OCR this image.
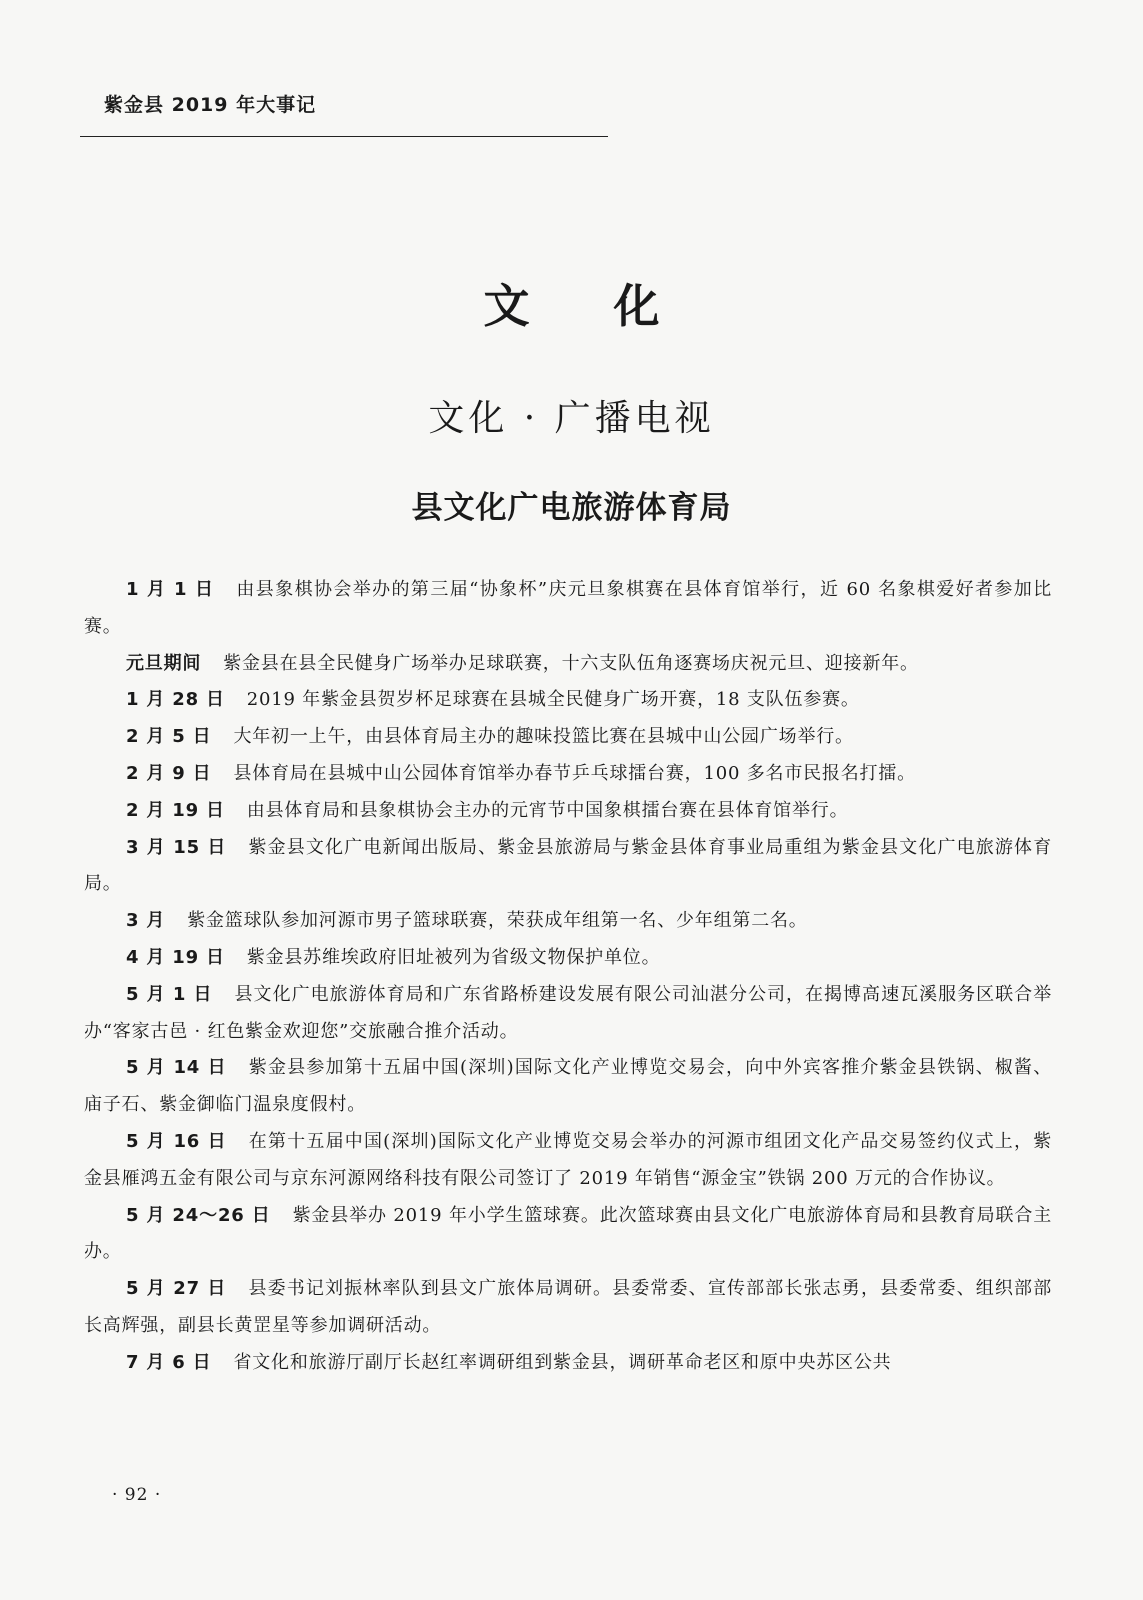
紫金县 2019 年大事记
文化
文化 · 广播电视
县文化广电旅游体育局

1 月 1 日 由县象棋协会举办的第三届“协象杯”庆元旦象棋赛在县体育馆举行，近 60 名象棋爱好者参加比赛。

元旦期间 紫金县在县全民健身广场举办足球联赛，十六支队伍角逐赛场庆祝元旦、迎接新年。

1 月 28 日 2019 年紫金县贺岁杯足球赛在县城全民健身广场开赛，18 支队伍参赛。

2 月 5 日 大年初一上午，由县体育局主办的趣味投篮比赛在县城中山公园广场举行。

2 月 9 日 县体育局在县城中山公园体育馆举办春节乒乓球擂台赛，100 多名市民报名打擂。

2 月 19 日 由县体育局和县象棋协会主办的元宵节中国象棋擂台赛在县体育馆举行。

3 月 15 日 紫金县文化广电新闻出版局、紫金县旅游局与紫金县体育事业局重组为紫金县文化广电旅游体育局。

3 月 紫金篮球队参加河源市男子篮球联赛，荣获成年组第一名、少年组第二名。

4 月 19 日 紫金县苏维埃政府旧址被列为省级文物保护单位。

5 月 1 日 县文化广电旅游体育局和广东省路桥建设发展有限公司汕湛分公司，在揭博高速瓦溪服务区联合举办“客家古邑 · 红色紫金欢迎您”交旅融合推介活动。

5 月 14 日 紫金县参加第十五届中国(深圳)国际文化产业博览交易会，向中外宾客推介紫金县铁锅、椒酱、庙子石、紫金御临门温泉度假村。

5 月 16 日 在第十五届中国(深圳)国际文化产业博览交易会举办的河源市组团文化产品交易签约仪式上，紫金县雁鸿五金有限公司与京东河源网络科技有限公司签订了 2019 年销售“源金宝”铁锅 200 万元的合作协议。

5 月 24～26 日 紫金县举办 2019 年小学生篮球赛。此次篮球赛由县文化广电旅游体育局和县教育局联合主办。

5 月 27 日 县委书记刘振林率队到县文广旅体局调研。县委常委、宣传部部长张志勇，县委常委、组织部部长高辉强，副县长黄罡星等参加调研活动。

7 月 6 日 省文化和旅游厅副厅长赵红率调研组到紫金县，调研革命老区和原中央苏区公共

· 92 ·
